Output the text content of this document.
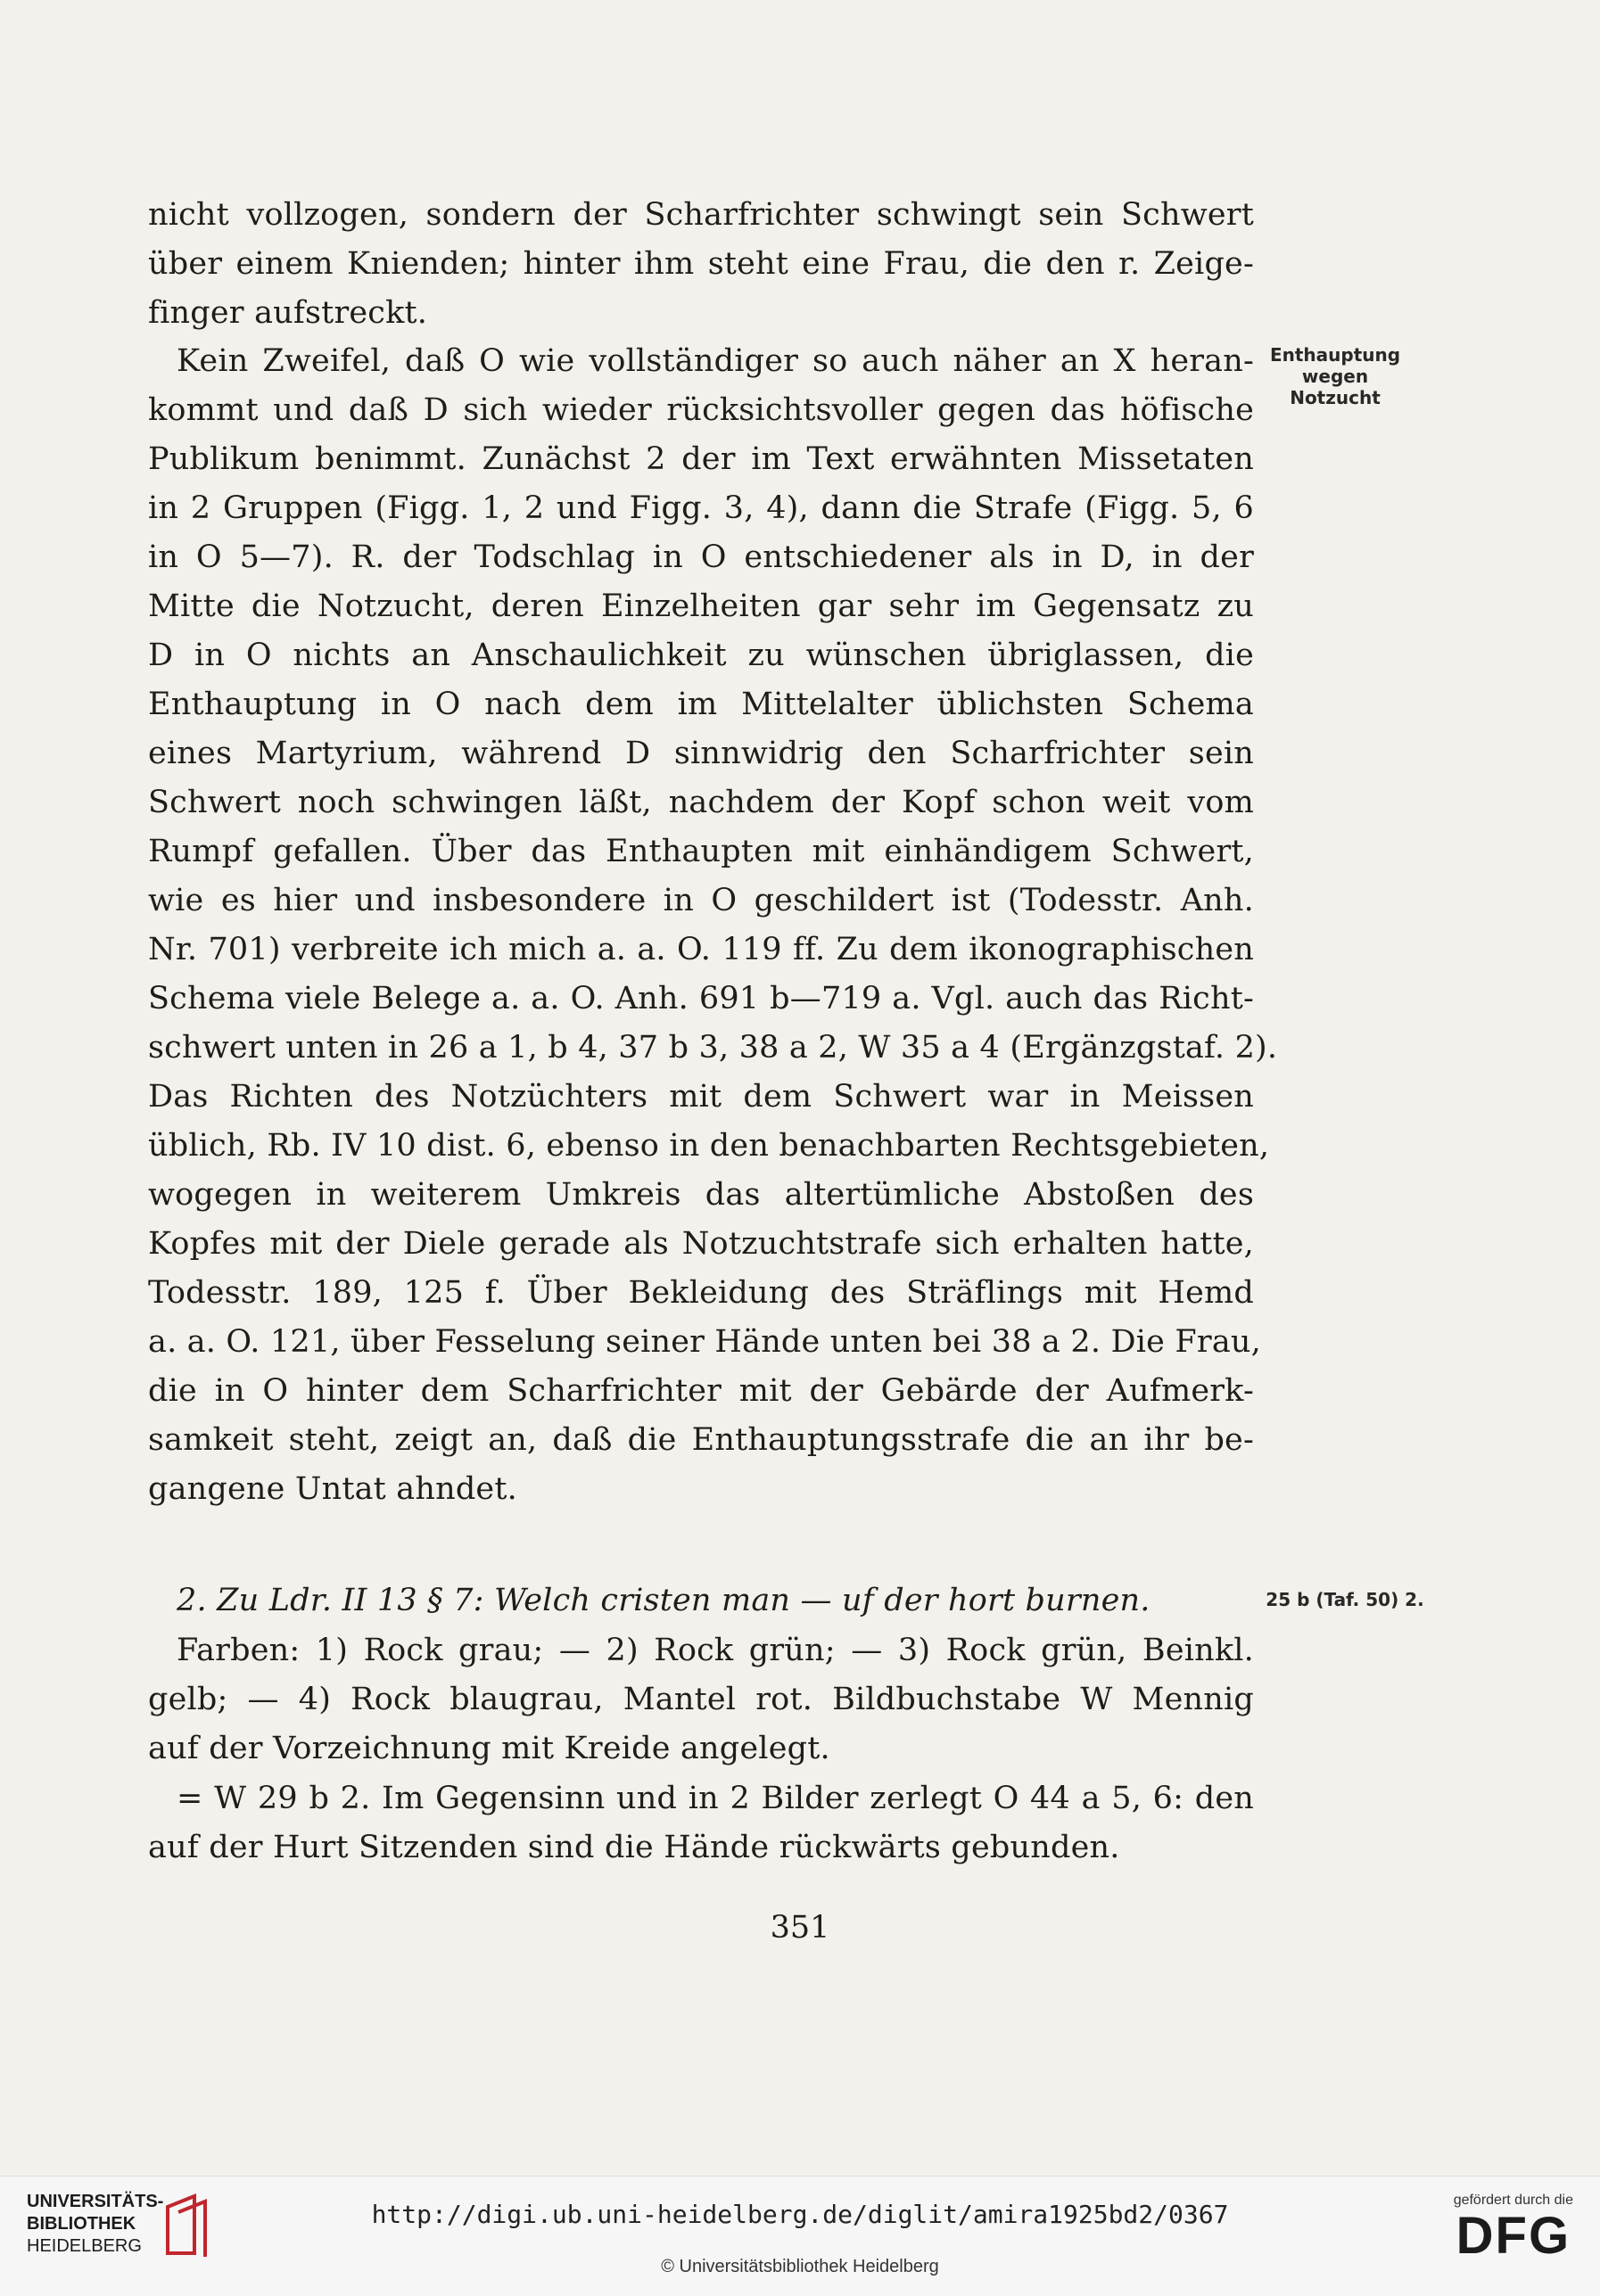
nicht vollzogen, sondern der Scharfrichter schwingt sein Schwert
über einem Knienden; hinter ihm steht eine Frau, die den r. Zeige-
finger aufstreckt.
Kein Zweifel, daß O wie vollständiger so auch näher an X heran-
kommt und daß D sich wieder rücksichtsvoller gegen das höfische
Publikum benimmt. Zunächst 2 der im Text erwähnten Missetaten
in 2 Gruppen (Figg. 1, 2 und Figg. 3, 4), dann die Strafe (Figg. 5, 6
in O 5—7). R. der Todschlag in O entschiedener als in D, in der
Mitte die Notzucht, deren Einzelheiten gar sehr im Gegensatz zu
D in O nichts an Anschaulichkeit zu wünschen übriglassen, die
Enthauptung in O nach dem im Mittelalter üblichsten Schema
eines Martyrium, während D sinnwidrig den Scharfrichter sein
Schwert noch schwingen läßt, nachdem der Kopf schon weit vom
Rumpf gefallen. Über das Enthaupten mit einhändigem Schwert,
wie es hier und insbesondere in O geschildert ist (Todesstr. Anh.
Nr. 701) verbreite ich mich a. a. O. 119 ff. Zu dem ikonographischen
Schema viele Belege a. a. O. Anh. 691 b—719 a. Vgl. auch das Richt-
schwert unten in 26 a 1, b 4, 37 b 3, 38 a 2, W 35 a 4 (Ergänzgstaf. 2).
Das Richten des Notzüchters mit dem Schwert war in Meissen
üblich, Rb. IV 10 dist. 6, ebenso in den benachbarten Rechtsgebieten,
wogegen in weiterem Umkreis das altertümliche Abstoßen des
Kopfes mit der Diele gerade als Notzuchtstrafe sich erhalten hatte,
Todesstr. 189, 125 f. Über Bekleidung des Sträflings mit Hemd
a. a. O. 121, über Fesselung seiner Hände unten bei 38 a 2. Die Frau,
die in O hinter dem Scharfrichter mit der Gebärde der Aufmerk-
samkeit steht, zeigt an, daß die Enthauptungsstrafe die an ihr be-
gangene Untat ahndet.
2. Zu Ldr. II 13 § 7: Welch cristen man — uf der hort burnen.
Farben: 1) Rock grau; — 2) Rock grün; — 3) Rock grün, Beinkl.
gelb; — 4) Rock blaugrau, Mantel rot. Bildbuchstabe W Mennig
auf der Vorzeichnung mit Kreide angelegt.
= W 29 b 2. Im Gegensinn und in 2 Bilder zerlegt O 44 a 5, 6: den
auf der Hurt Sitzenden sind die Hände rückwärts gebunden.
Enthauptung
wegen
Notzucht
25 b (Taf. 50) 2.
351
UNIVERSITÄTS-
BIBLIOTHEK
HEIDELBERG
http://digi.ub.uni-heidelberg.de/diglit/amira1925bd2/0367
© Universitätsbibliothek Heidelberg
gefördert durch die
DFG
